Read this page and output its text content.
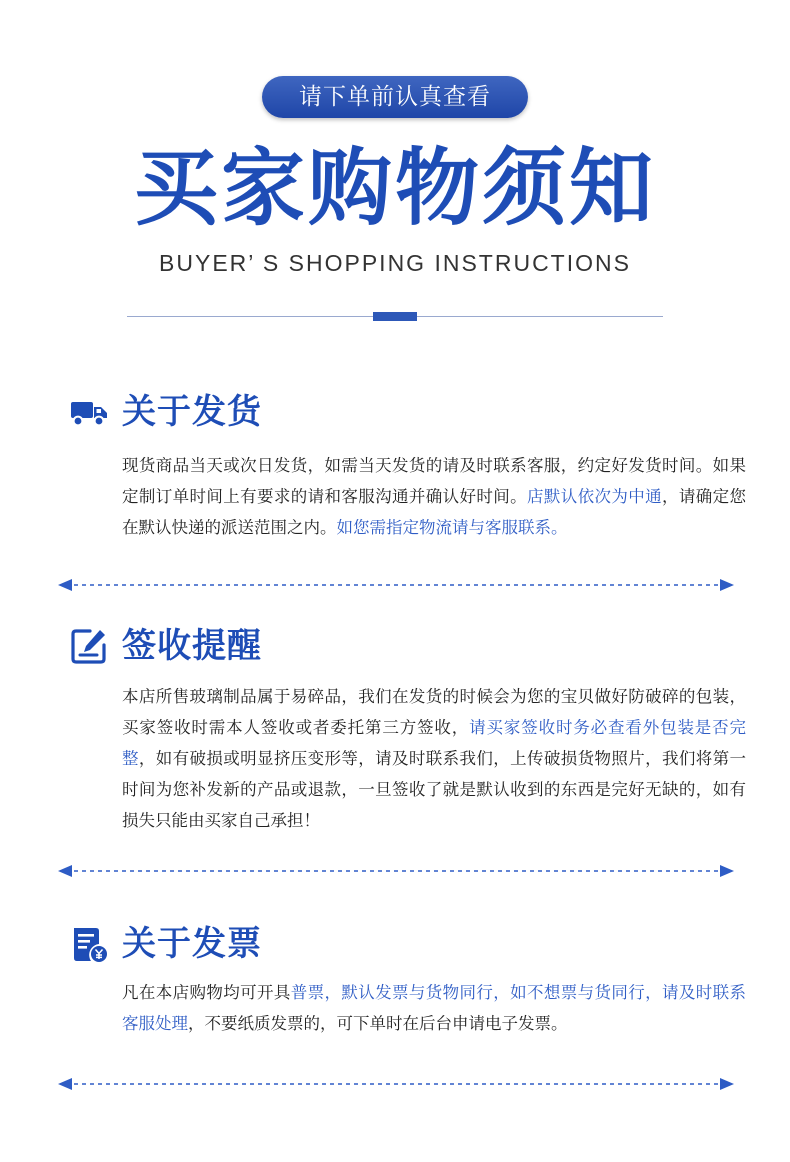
请下单前认真查看
买家购物须知
BUYER’ S SHOPPING INSTRUCTIONS
关于发货
现货商品当天或次日发货，如需当天发货的请及时联系客服，约定好发货时间。如果定制订单时间上有要求的请和客服沟通并确认好时间。店默认依次为中通，请确定您在默认快递的派送范围之内。如您需指定物流请与客服联系。
签收提醒
本店所售玻璃制品属于易碎品，我们在发货的时候会为您的宝贝做好防破碎的包装，买家签收时需本人签收或者委托第三方签收，请买家签收时务必查看外包装是否完整，如有破损或明显挤压变形等，请及时联系我们，上传破损货物照片，我们将第一时间为您补发新的产品或退款，一旦签收了就是默认收到的东西是完好无缺的，如有损失只能由买家自己承担！
关于发票
凡在本店购物均可开具普票，默认发票与货物同行，如不想票与货同行，请及时联系客服处理，不要纸质发票的，可下单时在后台申请电子发票。
